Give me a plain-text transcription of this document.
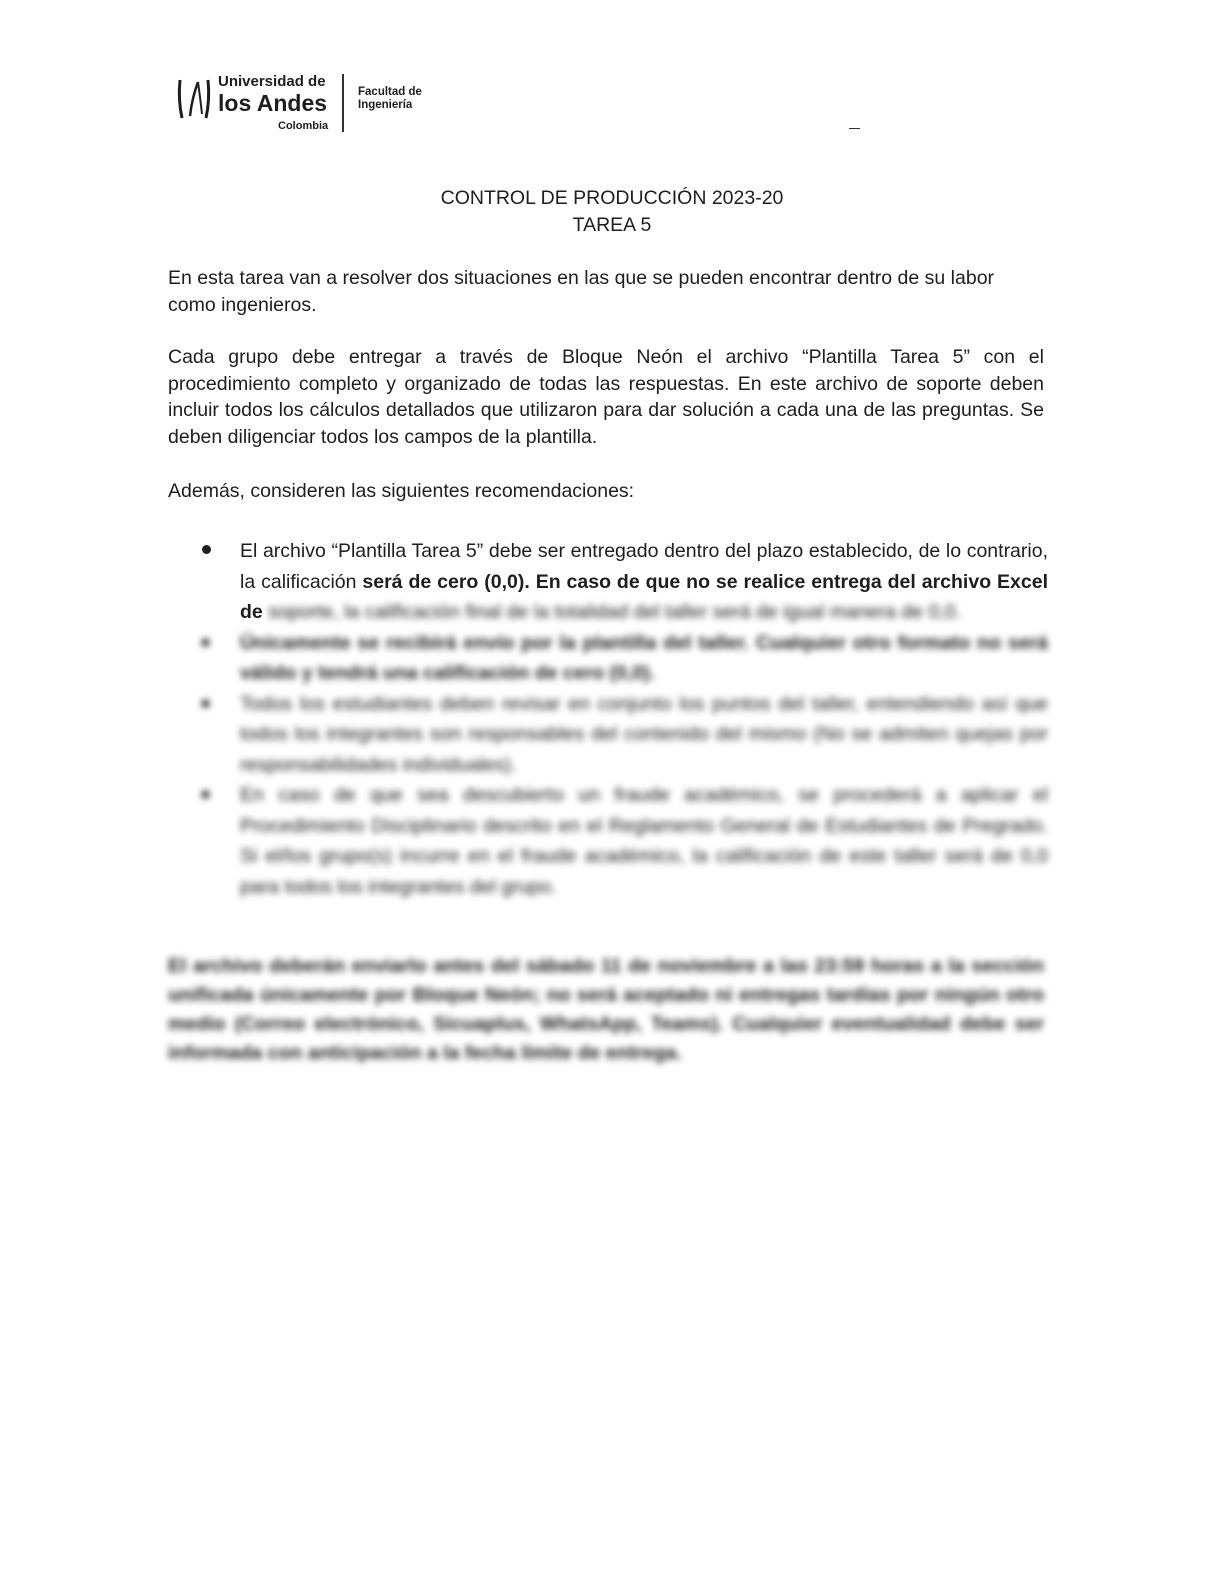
Universidad de
los Andes
Colombia
Facultad de
Ingeniería
CONTROL DE PRODUCCIÓN 2023-20
TAREA 5
En esta tarea van a resolver dos situaciones en las que se pueden encontrar dentro de su labor como ingenieros.
Cada grupo debe entregar a través de Bloque Neón el archivo “Plantilla Tarea 5” con el procedimiento completo y organizado de todas las respuestas. En este archivo de soporte deben incluir todos los cálculos detallados que utilizaron para dar solución a cada una de las preguntas. Se deben diligenciar todos los campos de la plantilla.
Además, consideren las siguientes recomendaciones:
El archivo “Plantilla Tarea 5” debe ser entregado dentro del plazo establecido, de lo contrario, la calificación será de cero (0,0). En caso de que no se realice entrega del archivo Excel de soporte, la calificación final de la totalidad del taller será de igual manera de 0,0.
Únicamente se recibirá envío por la plantilla del taller. Cualquier otro formato no será válido y tendrá una calificación de cero (0,0).
Todos los estudiantes deben revisar en conjunto los puntos del taller, entendiendo así que todos los integrantes son responsables del contenido del mismo (No se admiten quejas por responsabilidades individuales).
En caso de que sea descubierto un fraude académico, se procederá a aplicar el Procedimiento Disciplinario descrito en el Reglamento General de Estudiantes de Pregrado. Si el/los grupo(s) incurre en el fraude académico, la calificación de este taller será de 0,0 para todos los integrantes del grupo.
El archivo deberán enviarlo antes del sábado 11 de noviembre a las 23:59 horas a la sección unificada únicamente por Bloque Neón; no será aceptado ni entregas tardías por ningún otro medio (Correo electrónico, Sicuaplus, WhatsApp, Teams). Cualquier eventualidad debe ser informada con anticipación a la fecha límite de entrega.
